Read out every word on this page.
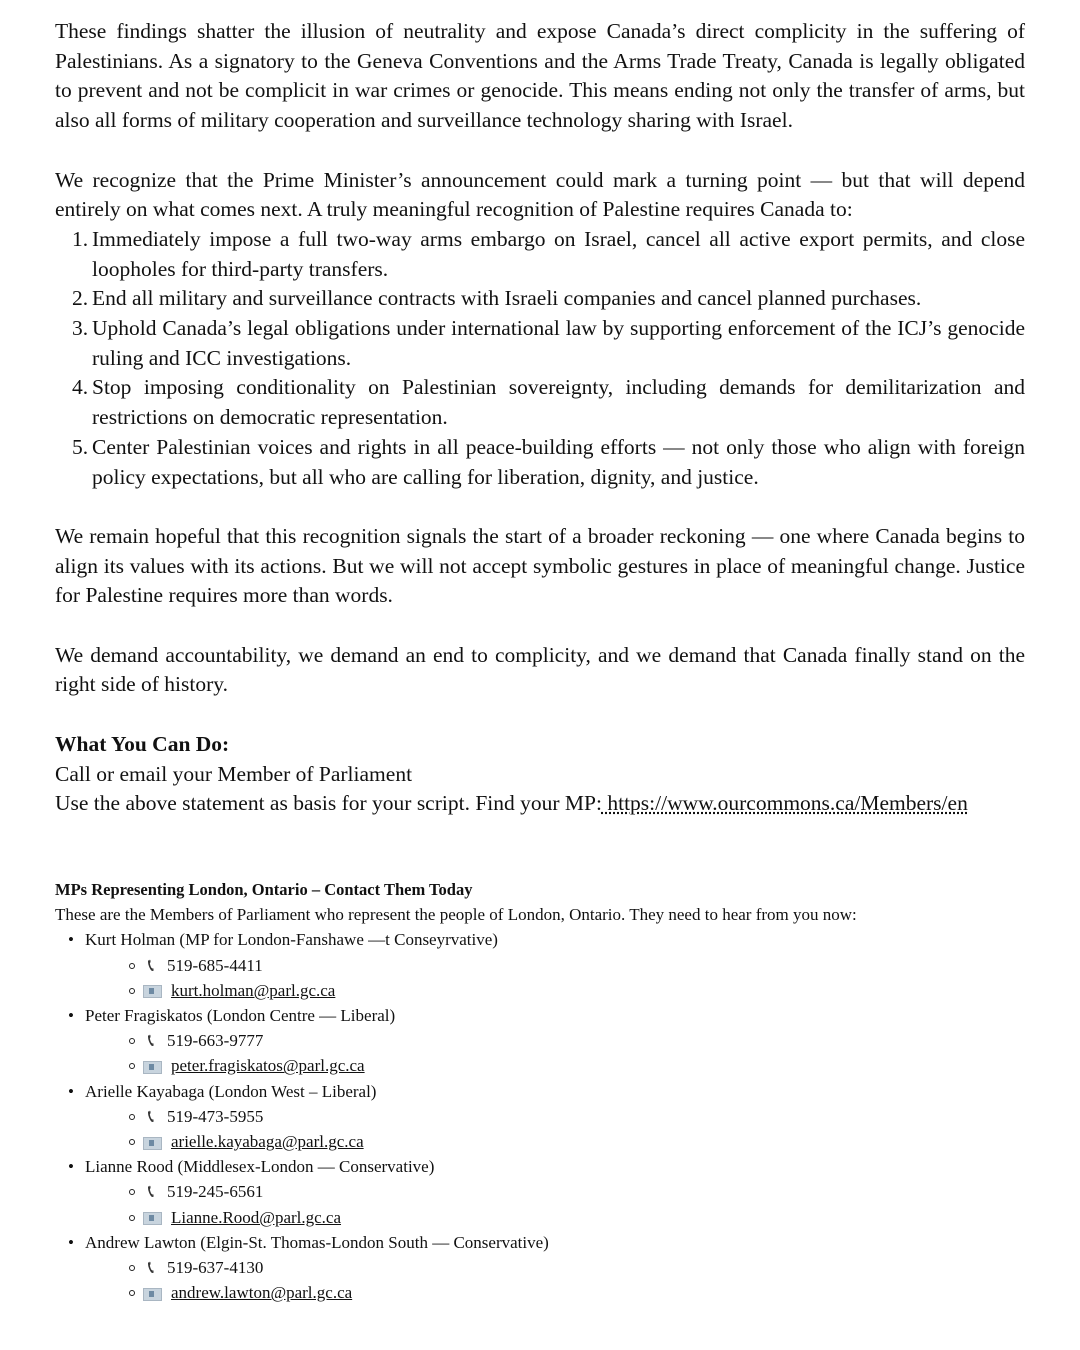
These findings shatter the illusion of neutrality and expose Canada’s direct complicity in the suffering of Palestinians. As a signatory to the Geneva Conventions and the Arms Trade Treaty, Canada is legally obligated to prevent and not be complicit in war crimes or genocide. This means ending not only the transfer of arms, but also all forms of military cooperation and surveillance technology sharing with Israel.

We recognize that the Prime Minister’s announcement could mark a turning point — but that will depend entirely on what comes next. A truly meaningful recognition of Palestine requires Canada to:

1. Immediately impose a full two-way arms embargo on Israel, cancel all active export permits, and close loopholes for third-party transfers.
2. End all military and surveillance contracts with Israeli companies and cancel planned purchases.
3. Uphold Canada’s legal obligations under international law by supporting enforcement of the ICJ’s genocide ruling and ICC investigations.
4. Stop imposing conditionality on Palestinian sovereignty, including demands for demilitarization and restrictions on democratic representation.
5. Center Palestinian voices and rights in all peace-building efforts — not only those who align with foreign policy expectations, but all who are calling for liberation, dignity, and justice.

We remain hopeful that this recognition signals the start of a broader reckoning — one where Canada begins to align its values with its actions. But we will not accept symbolic gestures in place of meaningful change. Justice for Palestine requires more than words.

We demand accountability, we demand an end to complicity, and we demand that Canada finally stand on the right side of history.

What You Can Do:
Call or email your Member of Parliament
Use the above statement as basis for your script. Find your MP: https://www.ourcommons.ca/Members/en
MPs Representing London, Ontario – Contact Them Today
These are the Members of Parliament who represent the people of London, Ontario. They need to hear from you now:
• Kurt Holman (MP for London-Fanshawe —t Conseyrvative)
📞︎ 519-685-4411
kurt.holman@parl.gc.ca
• Peter Fragiskatos (London Centre — Liberal)
📞︎ 519-663-9777
peter.fragiskatos@parl.gc.ca
• Arielle Kayabaga (London West – Liberal)
📞︎ 519-473-5955
arielle.kayabaga@parl.gc.ca
• Lianne Rood (Middlesex-London — Conservative)
📞︎ 519-245-6561
Lianne.Rood@parl.gc.ca
• Andrew Lawton (Elgin-St. Thomas-London South — Conservative)
📞︎ 519-637-4130
andrew.lawton@parl.gc.ca
